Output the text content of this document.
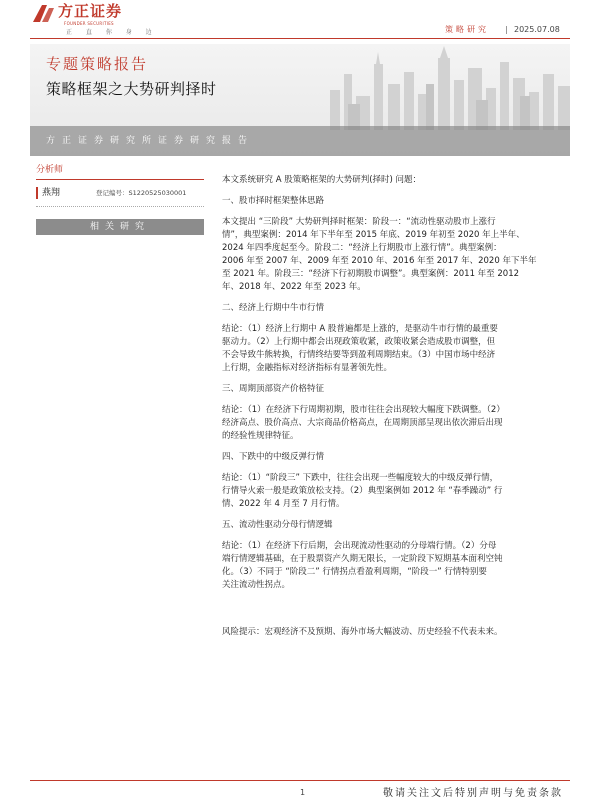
方正证券
FOUNDER SECURITIES
正 直 你 身 边	策略研究	2025.07.08
专题策略报告
策略框架之大势研判择时
方正证券研究所证券研究报告
分析师
燕翔	登记编号：S1220525030001
相关研究
本文系统研究 A 股策略框架的大势研判(择时) 问题：
一、股市择时框架整体思路
本文提出 “三阶段” 大势研判择时框架：阶段一：“流动性驱动股市上涨行
情”，典型案例：2014 年下半年至 2015 年底、2019 年初至 2020 年上半年、
2024 年四季度起至今。阶段二：“经济上行期股市上涨行情”。典型案例：
2006 年至 2007 年、2009 年至 2010 年、2016 年至 2017 年、2020 年下半年
至 2021 年。阶段三：“经济下行初期股市调整”。典型案例：2011 年至 2012
年、2018 年、2022 年至 2023 年。
二、经济上行期中牛市行情
结论：（1）经济上行期中 A 股普遍都是上涨的，是驱动牛市行情的最重要
驱动力。（2）上行期中都会出现政策收紧，政策收紧会造成股市调整，但
不会导致牛熊转换，行情终结要等到盈利周期结束。（3）中国市场中经济
上行期，金融指标对经济指标有显著领先性。
三、周期顶部资产价格特征
结论：（1）在经济下行周期初期，股市往往会出现较大幅度下跌调整。（2）
经济高点、股价高点、大宗商品价格高点，在周期顶部呈现出依次滞后出现
的经验性规律特征。
四、下跌中的中级反弹行情
结论：（1）“阶段三” 下跌中，往往会出现一些幅度较大的中级反弹行情，
行情导火索一般是政策放松支持。（2）典型案例如 2012 年 “春季躁动” 行
情、2022 年 4 月至 7 月行情。
五、流动性驱动分母行情逻辑
结论：（1）在经济下行后期，会出现流动性驱动的分母端行情。（2）分母
端行情逻辑基础，在于股票资产久期无限长，一定阶段下短期基本面利空钝
化。（3）不同于 “阶段二” 行情拐点看盈利周期，“阶段一” 行情特别要
关注流动性拐点。
风险提示：宏观经济不及预期、海外市场大幅波动、历史经验不代表未来。
1	敬请关注文后特别声明与免责条款
